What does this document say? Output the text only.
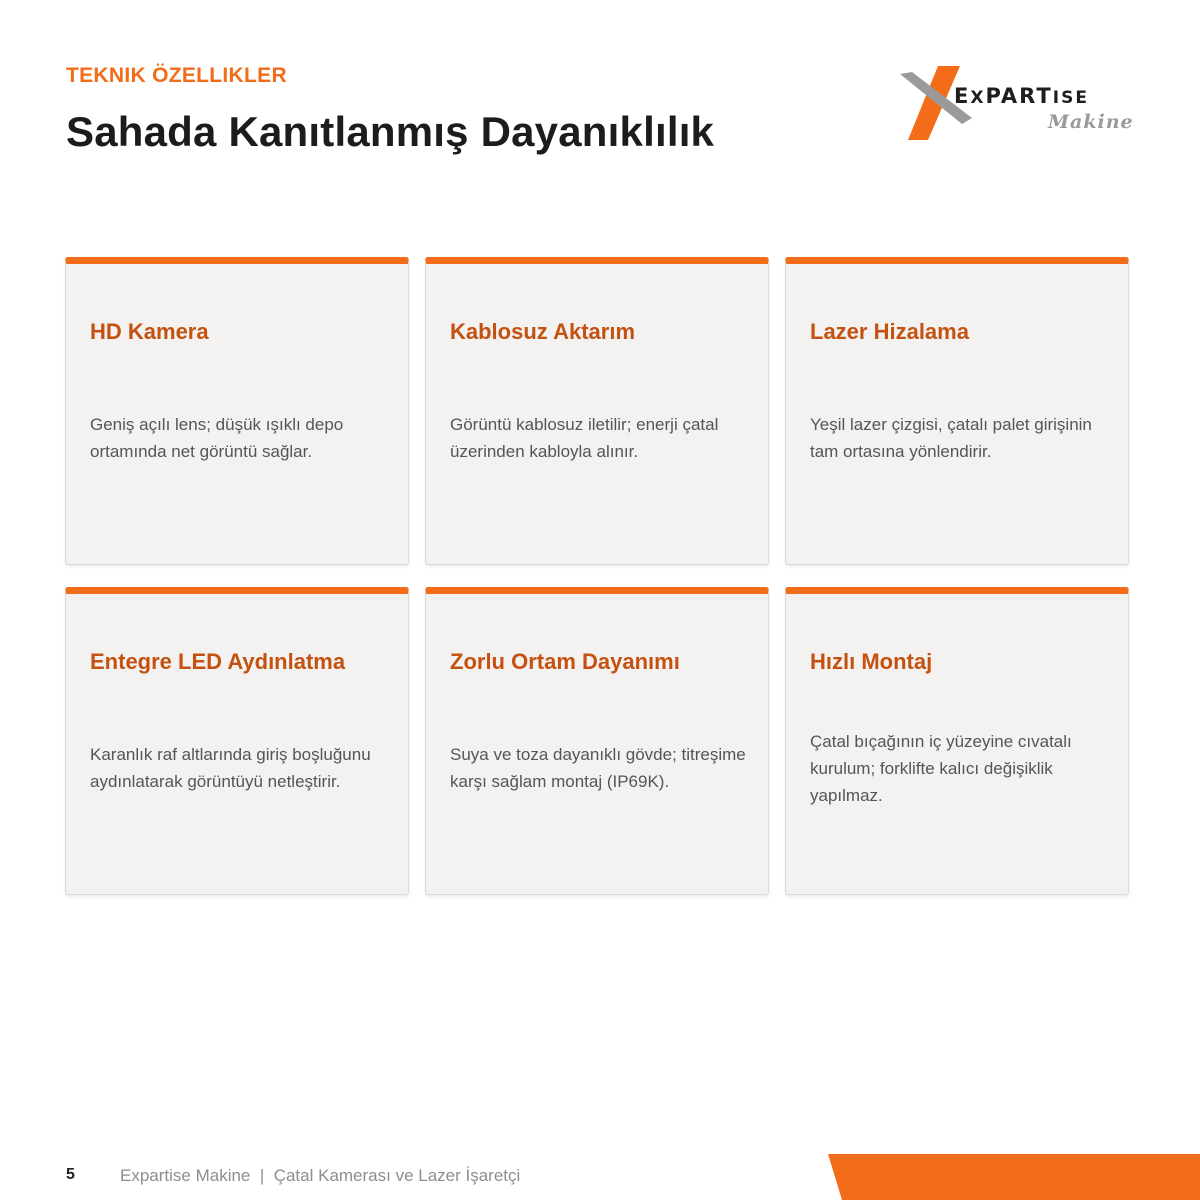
TEKNIK ÖZELLIKLER
Sahada Kanıtlanmış Dayanıklılık
EXPARTISE
Makine
HD Kamera
Geniş açılı lens; düşük ışıklı depo ortamında net görüntü sağlar.
Kablosuz Aktarım
Görüntü kablosuz iletilir; enerji çatal üzerinden kabloyla alınır.
Lazer Hizalama
Yeşil lazer çizgisi, çatalı palet girişinin tam ortasına yönlendirir.
Entegre LED Aydınlatma
Karanlık raf altlarında giriş boşluğunu aydınlatarak görüntüyü netleştirir.
Zorlu Ortam Dayanımı
Suya ve toza dayanıklı gövde; titreşime karşı sağlam montaj (IP69K).
Hızlı Montaj
Çatal bıçağının iç yüzeyine cıvatalı kurulum; forklifte kalıcı değişiklik yapılmaz.
5	Expartise Makine  |  Çatal Kamerası ve Lazer İşaretçi
